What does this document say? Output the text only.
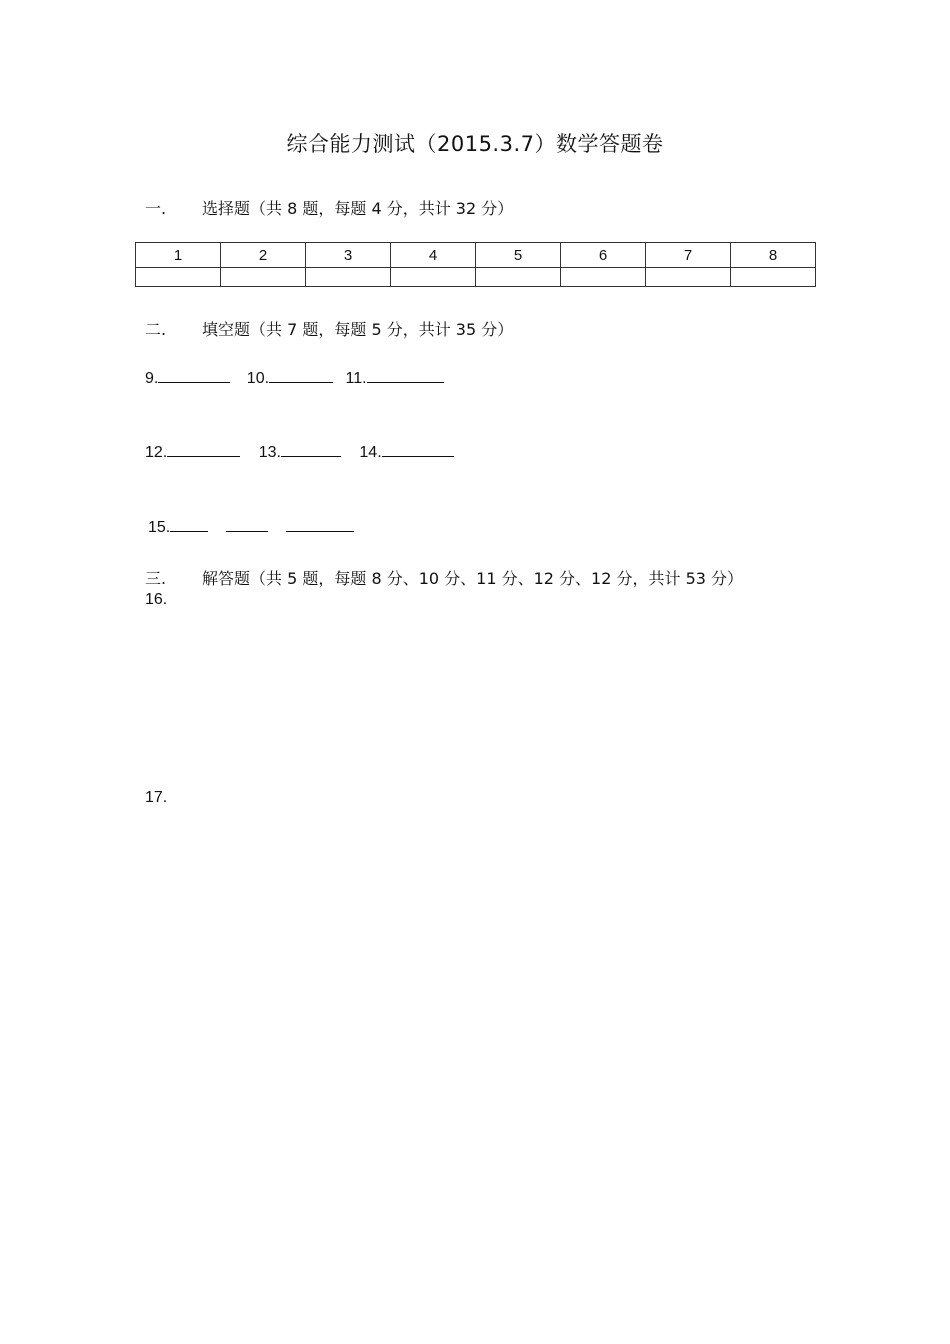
综合能力测试（2015.3.7）数学答题卷
一. 选择题（共 8 题，每题 4 分，共计 32 分）
1	2	3	4	5	6	7	8

二. 填空题（共 7 题，每题 5 分，共计 35 分）
9.	10.	11.
12.	13.	14.
15.
三. 解答题（共 5 题，每题 8 分、10 分、11 分、12 分、12 分，共计 53 分）
16.
17.
